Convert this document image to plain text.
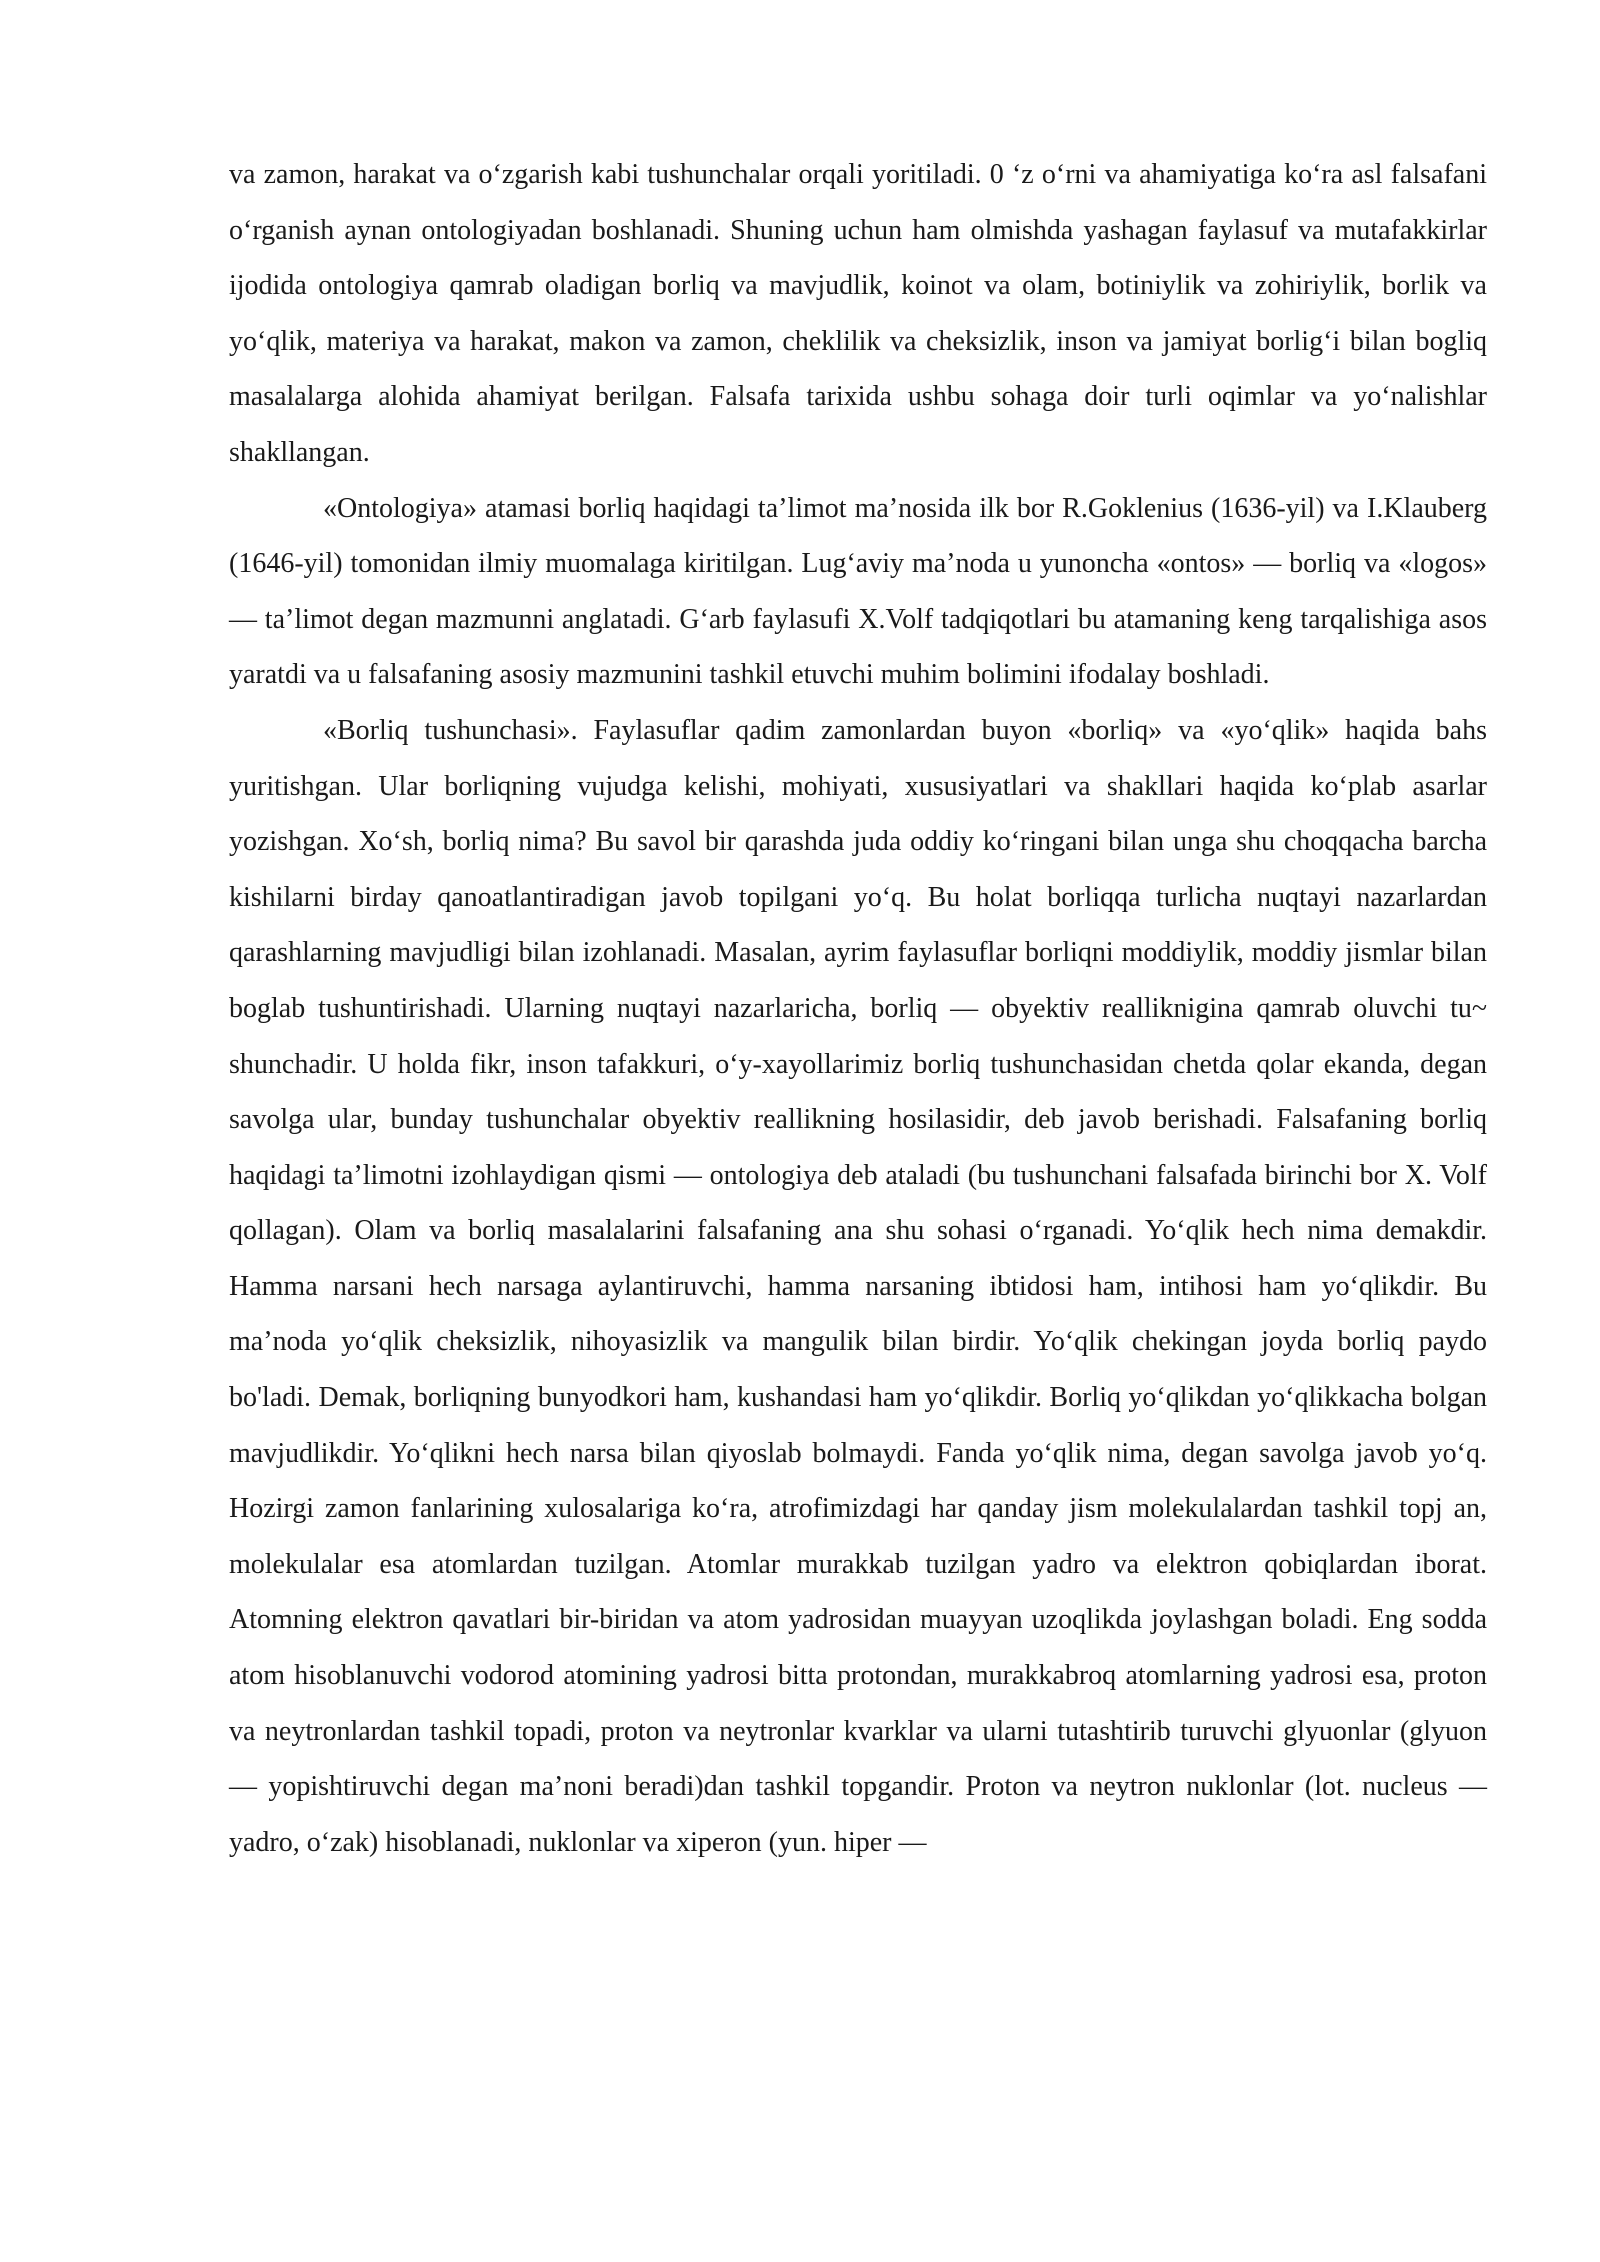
va zamon, harakat va o‘zgarish kabi tushunchalar orqali yoritiladi. 0 ‘z o‘rni va ahamiyatiga ko‘ra asl falsafani o‘rganish aynan ontologiyadan boshlanadi. Shuning uchun ham olmishda yashagan faylasuf va mutafakkirlar ijodida ontologiya qamrab oladigan borliq va mavjudlik, koinot va olam, botiniylik va zohiriylik, borlik va yo‘qlik, materiya va harakat, makon va zamon, cheklilik va cheksizlik, inson va jamiyat borlig‘i bilan bogliq masalalarga alohida ahamiyat berilgan. Falsafa tarixida ushbu sohaga doir turli oqimlar va yo‘nalishlar shakllangan.

«Ontologiya» atamasi borliq haqidagi ta’limot ma’nosida ilk bor R.Goklenius (1636-yil) va I.Klauberg (1646-yil) tomonidan ilmiy muomalaga kiritilgan. Lug‘aviy ma’noda u yunoncha «ontos» — borliq va «logos» — ta’limot degan mazmunni anglatadi. G‘arb faylasufi X.Volf tadqiqotlari bu atamaning keng tarqalishiga asos yaratdi va u falsafaning asosiy mazmunini tashkil etuvchi muhim bolimini ifodalay boshladi.

«Borliq tushunchasi». Faylasuflar qadim zamonlardan buyon «borliq» va «yo‘qlik» haqida bahs yuritishgan. Ular borliqning vujudga kelishi, mohiyati, xususiyatlari va shakllari haqida ko‘plab asarlar yozishgan. Xo‘sh, borliq nima? Bu savol bir qarashda juda oddiy ko‘ringani bilan unga shu choqqacha barcha kishilarni birday qanoatlantiradigan javob topilgani yo‘q. Bu holat borliqqa turlicha nuqtayi nazarlardan qarashlarning mavjudligi bilan izohlanadi. Masalan, ayrim faylasuflar borliqni moddiylik, moddiy jismlar bilan boglab tushuntirishadi. Ularning nuqtayi nazarlaricha, borliq — obyektiv reallikniginа qamrab oluvchi tu~ shunchadir. U holda fikr, inson tafakkuri, o‘y-xayollarimiz borliq tushunchasidan chetda qolar ekanda, degan savolga ular, bunday tushunchalar obyektiv reallikning hosilasidir, deb javob berishadi. Falsafaning borliq haqidagi ta’limotni izohlaydigan qismi — ontologiya deb ataladi (bu tushunchani falsafada birinchi bor X. Volf qollagan). Olam va borliq masalalarini falsafaning ana shu sohasi o‘rganadi. Yo‘qlik hech nima demakdir. Hamma narsani hech narsaga aylantiruvchi, hamma narsaning ibtidosi ham, intihosi ham yo‘qlikdir. Bu ma’noda yo‘qlik cheksizlik, nihoyasizlik va mangulik bilan birdir. Yo‘qlik chekingan joyda borliq paydo bo'ladi. Demak, borliqning bunyodkori ham, kushandasi ham yo‘qlikdir. Borliq yo‘qlikdan yo‘qlikkacha bolgan mavjudlikdir. Yo‘qlikni hech narsa bilan qiyoslab bolmaydi. Fanda yo‘qlik nima, degan savolga javob yo‘q. Hozirgi zamon fanlarining xulosalariga ko‘ra, atrofimizdagi har qanday jism molekulalardan tashkil topj an, molekulalar esa atomlardan tuzilgan. Atomlar murakkab tuzilgan yadro va elektron qobiqlardan iborat. Atomning elektron qavatlari bir-biridan va atom yadrosidan muayyan uzoqlikda joylashgan boladi. Eng sodda atom hisoblanuvchi vodorod atomining yadrosi bitta protondan, murakkabroq atomlarning yadrosi esa, proton va neytronlardan tashkil topadi, proton va neytronlar kvarklar va ularni tutashtirib turuvchi glyuonlar (glyuon — yopishtiruvchi degan ma’noni beradi)dan tashkil topgandir. Proton va neytron nuklonlar (lot. nucleus — yadro, o‘zak) hisoblanadi, nuklonlar va xiperon (yun. hiper —
